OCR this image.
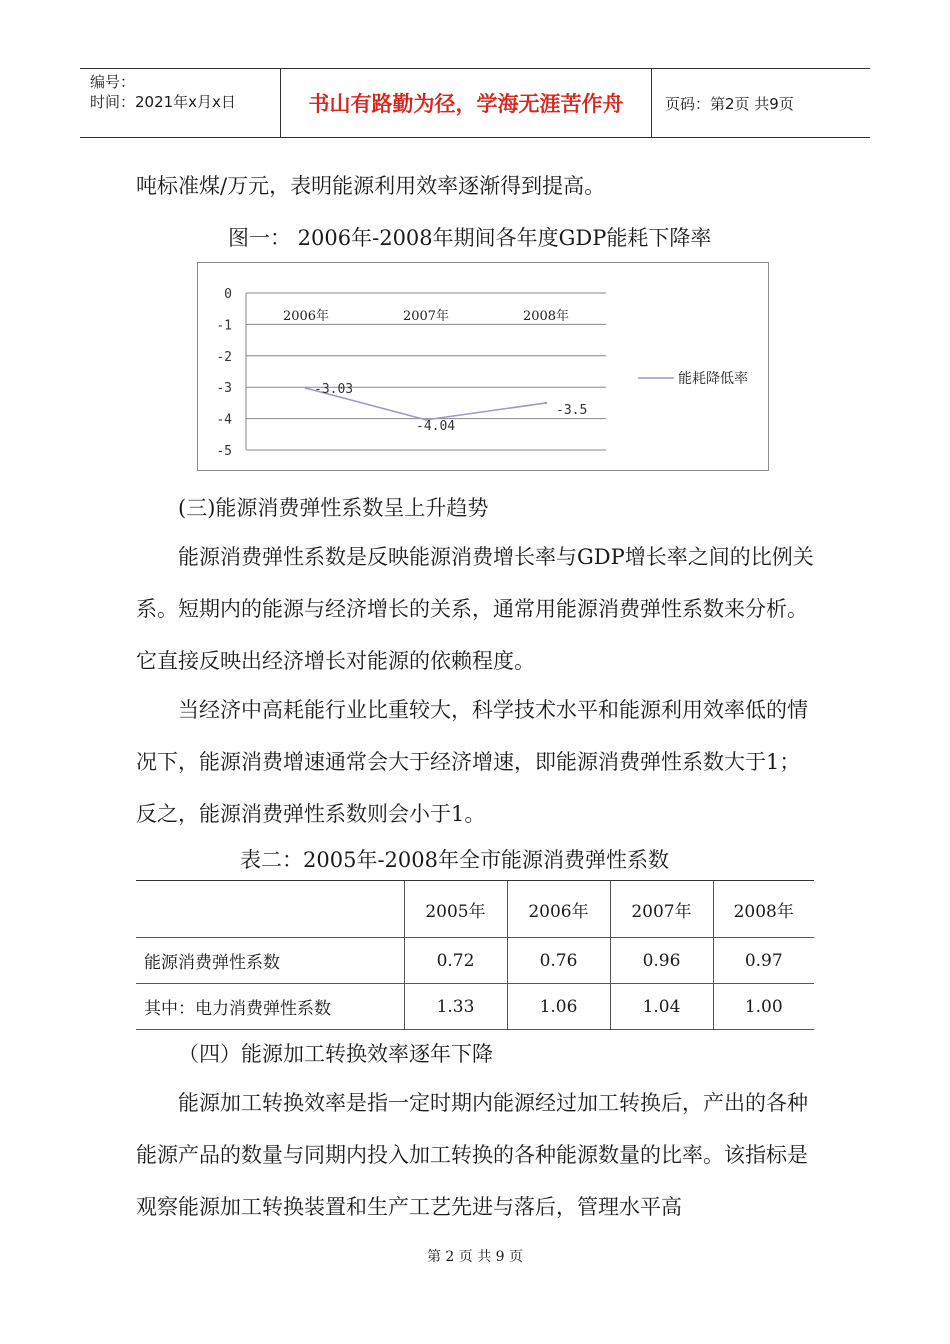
编号：
时间：2021年x月x日	书山有路勤为径，学海无涯苦作舟	页码：第2页 共9页
吨标准煤/万元，表明能源利用效率逐渐得到提高。
图一： 2006年-2008年期间各年度GDP能耗下降率
0
-1
-2
-3
-4
-5
2006年	2007年	2008年
-3.03
-4.04
-3.5
能耗降低率
(三)能源消费弹性系数呈上升趋势
能源消费弹性系数是反映能源消费增长率与GDP增长率之间的比例关系。短期内的能源与经济增长的关系，通常用能源消费弹性系数来分析。它直接反映出经济增长对能源的依赖程度。
当经济中高耗能行业比重较大，科学技术水平和能源利用效率低的情况下，能源消费增速通常会大于经济增速，即能源消费弹性系数大于1；反之，能源消费弹性系数则会小于1。
表二：2005年-2008年全市能源消费弹性系数
	2005年	2006年	2007年	2008年
能源消费弹性系数	0.72	0.76	0.96	0.97
其中：电力消费弹性系数	1.33	1.06	1.04	1.00
（四）能源加工转换效率逐年下降
能源加工转换效率是指一定时期内能源经过加工转换后，产出的各种能源产品的数量与同期内投入加工转换的各种能源数量的比率。该指标是观察能源加工转换装置和生产工艺先进与落后，管理水平高
第 2 页 共 9 页
